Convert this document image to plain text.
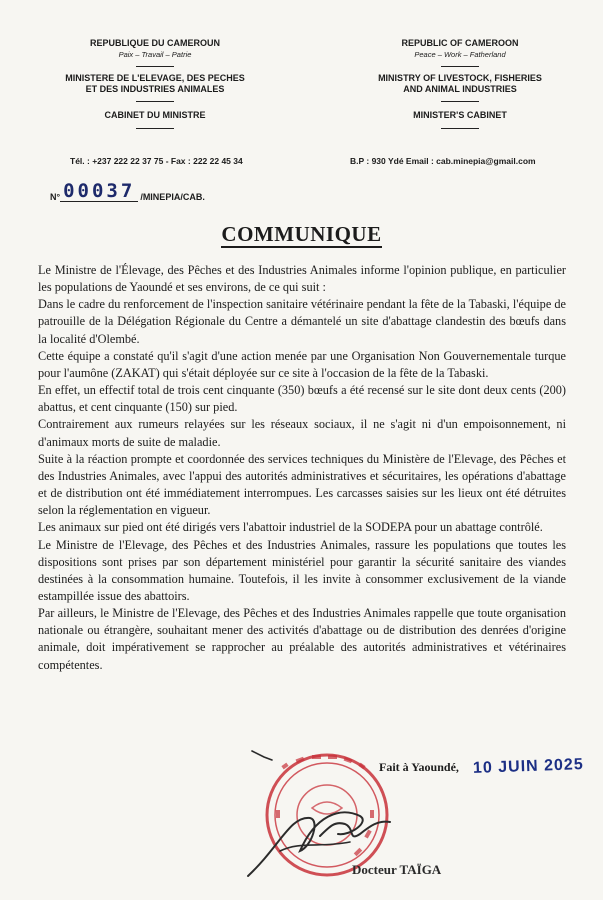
REPUBLIQUE DU CAMEROUN
Paix – Travail – Patrie
MINISTERE DE L'ELEVAGE, DES PECHES
ET DES INDUSTRIES ANIMALES
CABINET DU MINISTRE
REPUBLIC OF CAMEROON
Peace – Work – Fatherland
MINISTRY OF LIVESTOCK, FISHERIES
AND ANIMAL INDUSTRIES
MINISTER'S CABINET
Tél. : +237 222 22 37 75 - Fax : 222 22 45 34	B.P : 930 Ydé Email : cab.minepia@gmail.com
N° 00037 /MINEPIA/CAB.
COMMUNIQUE

Le Ministre de l'Élevage, des Pêches et des Industries Animales informe l'opinion publique, en particulier les populations de Yaoundé et ses environs, de ce qui suit :

Dans le cadre du renforcement de l'inspection sanitaire vétérinaire pendant la fête de la Tabaski, l'équipe de patrouille de la Délégation Régionale du Centre a démantelé un site d'abattage clandestin des bœufs dans la localité d'Olembé.

Cette équipe a constaté qu'il s'agit d'une action menée par une Organisation Non Gouvernementale turque pour l'aumône (ZAKAT) qui s'était déployée sur ce site à l'occasion de la fête de la Tabaski.

En effet, un effectif total de trois cent cinquante (350) bœufs a été recensé sur le site dont deux cents (200) abattus, et cent cinquante (150) sur pied.

Contrairement aux rumeurs relayées sur les réseaux sociaux, il ne s'agit ni d'un empoisonnement, ni d'animaux morts de suite de maladie.

Suite à la réaction prompte et coordonnée des services techniques du Ministère de l'Elevage, des Pêches et des Industries Animales, avec l'appui des autorités administratives et sécuritaires, les opérations d'abattage et de distribution ont été immédiatement interrompues. Les carcasses saisies sur les lieux ont été détruites selon la réglementation en vigueur.

Les animaux sur pied ont été dirigés vers l'abattoir industriel de la SODEPA pour un abattage contrôlé.

Le Ministre de l'Elevage, des Pêches et des Industries Animales, rassure les populations que toutes les dispositions sont prises par son département ministériel pour garantir la sécurité sanitaire des viandes destinées à la consommation humaine. Toutefois, il les invite à consommer exclusivement de la viande estampillée issue des abattoirs.

Par ailleurs, le Ministre de l'Elevage, des Pêches et des Industries Animales rappelle que toute organisation nationale ou étrangère, souhaitant mener des activités d'abattage ou de distribution des denrées d'origine animale, doit impérativement se rapprocher au préalable des autorités administratives et vétérinaires compétentes.

Fait à Yaoundé, 10 JUIN 2025
Docteur TAÏGA
